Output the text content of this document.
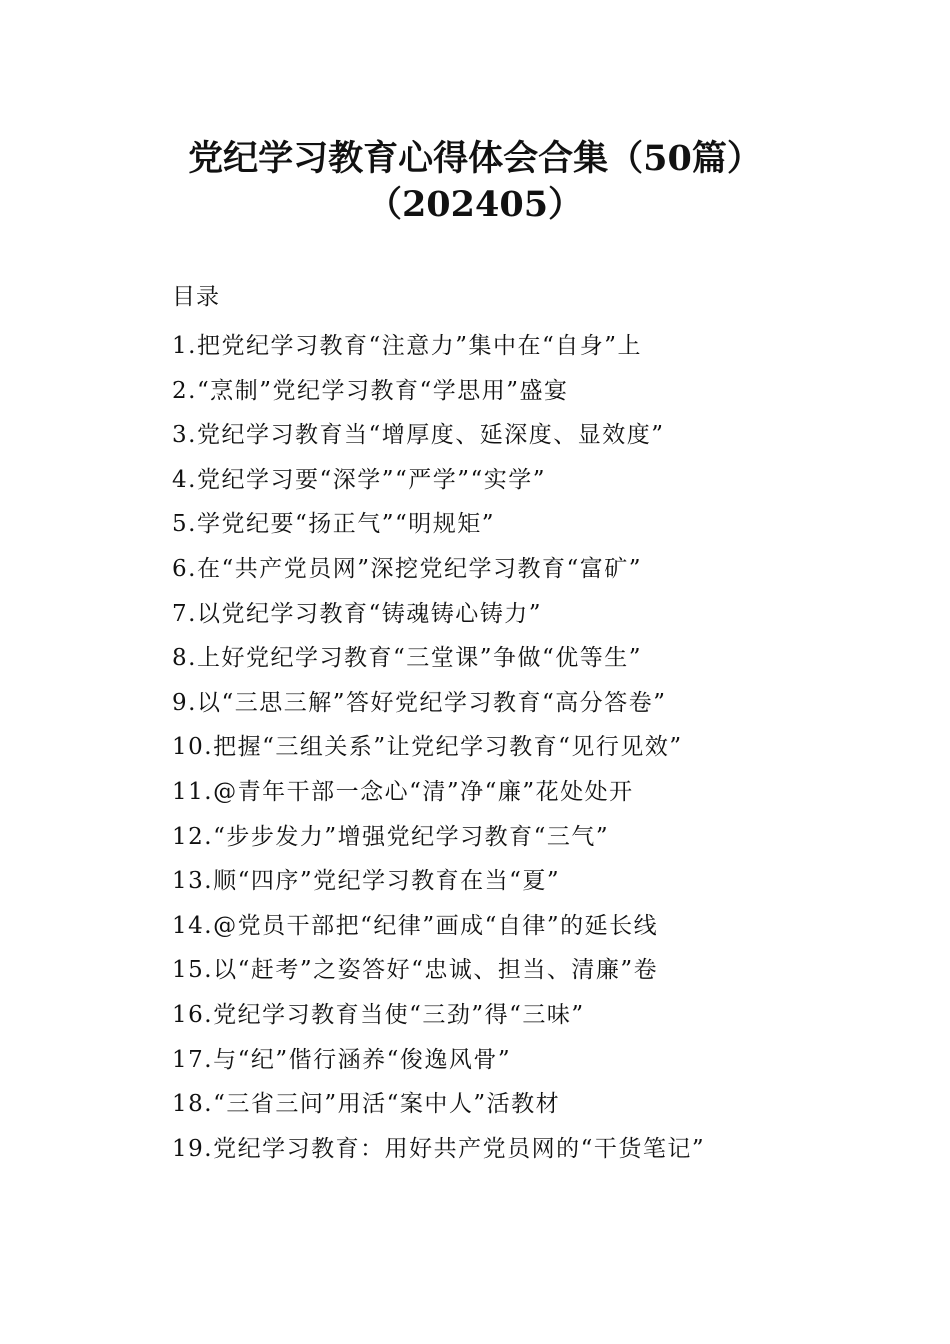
党纪学习教育心得体会合集（50篇）
（202405）
目录
1.把党纪学习教育“注意力”集中在“自身”上
2.“烹制”党纪学习教育“学思用”盛宴
3.党纪学习教育当“增厚度、延深度、显效度”
4.党纪学习要“深学”“严学”“实学”
5.学党纪要“扬正气”“明规矩”
6.在“共产党员网”深挖党纪学习教育“富矿”
7.以党纪学习教育“铸魂铸心铸力”
8.上好党纪学习教育“三堂课”争做“优等生”
9.以“三思三解”答好党纪学习教育“高分答卷”
10.把握“三组关系”让党纪学习教育“见行见效”
11.@青年干部一念心“清”净“廉”花处处开
12.“步步发力”增强党纪学习教育“三气”
13.顺“四序”党纪学习教育在当“夏”
14.@党员干部把“纪律”画成“自律”的延长线
15.以“赶考”之姿答好“忠诚、担当、清廉”卷
16.党纪学习教育当使“三劲”得“三味”
17.与“纪”偕行涵养“俊逸风骨”
18.“三省三问”用活“案中人”活教材
19.党纪学习教育：用好共产党员网的“干货笔记”
